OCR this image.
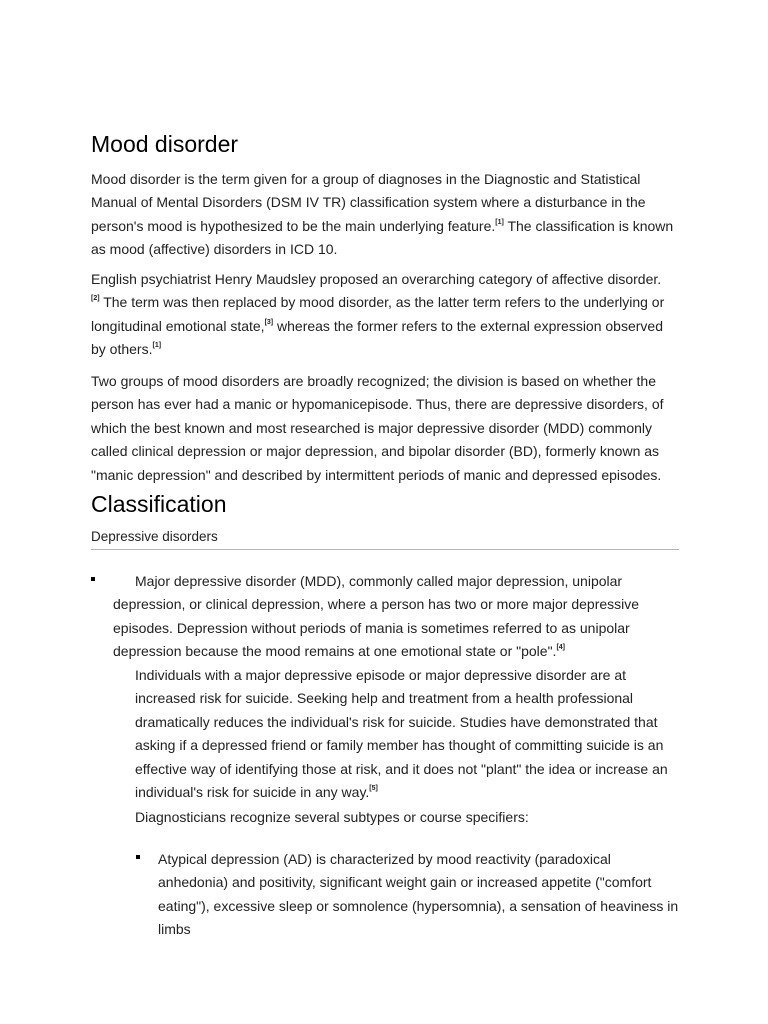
Mood disorder

Mood disorder is the term given for a group of diagnoses in the Diagnostic and Statistical Manual of Mental Disorders (DSM IV TR) classification system where a disturbance in the person's mood is hypothesized to be the main underlying feature.[1] The classification is known as mood (affective) disorders in ICD 10.

English psychiatrist Henry Maudsley proposed an overarching category of affective disorder.
[2] The term was then replaced by mood disorder, as the latter term refers to the underlying or longitudinal emotional state,[3] whereas the former refers to the external expression observed by others.[1]

Two groups of mood disorders are broadly recognized; the division is based on whether the person has ever had a manic or hypomanicepisode. Thus, there are depressive disorders, of which the best known and most researched is major depressive disorder (MDD) commonly called clinical depression or major depression, and bipolar disorder (BD), formerly known as "manic depression" and described by intermittent periods of manic and depressed episodes.

Classification
Depressive disorders

Major depressive disorder (MDD), commonly called major depression, unipolar depression, or clinical depression, where a person has two or more major depressive episodes. Depression without periods of mania is sometimes referred to as unipolar depression because the mood remains at one emotional state or "pole".[4]

Individuals with a major depressive episode or major depressive disorder are at increased risk for suicide. Seeking help and treatment from a health professional dramatically reduces the individual's risk for suicide. Studies have demonstrated that asking if a depressed friend or family member has thought of committing suicide is an effective way of identifying those at risk, and it does not "plant" the idea or increase an individual's risk for suicide in any way.[5]

Diagnosticians recognize several subtypes or course specifiers:

Atypical depression (AD) is characterized by mood reactivity (paradoxical anhedonia) and positivity, significant weight gain or increased appetite ("comfort eating"), excessive sleep or somnolence (hypersomnia), a sensation of heaviness in limbs
